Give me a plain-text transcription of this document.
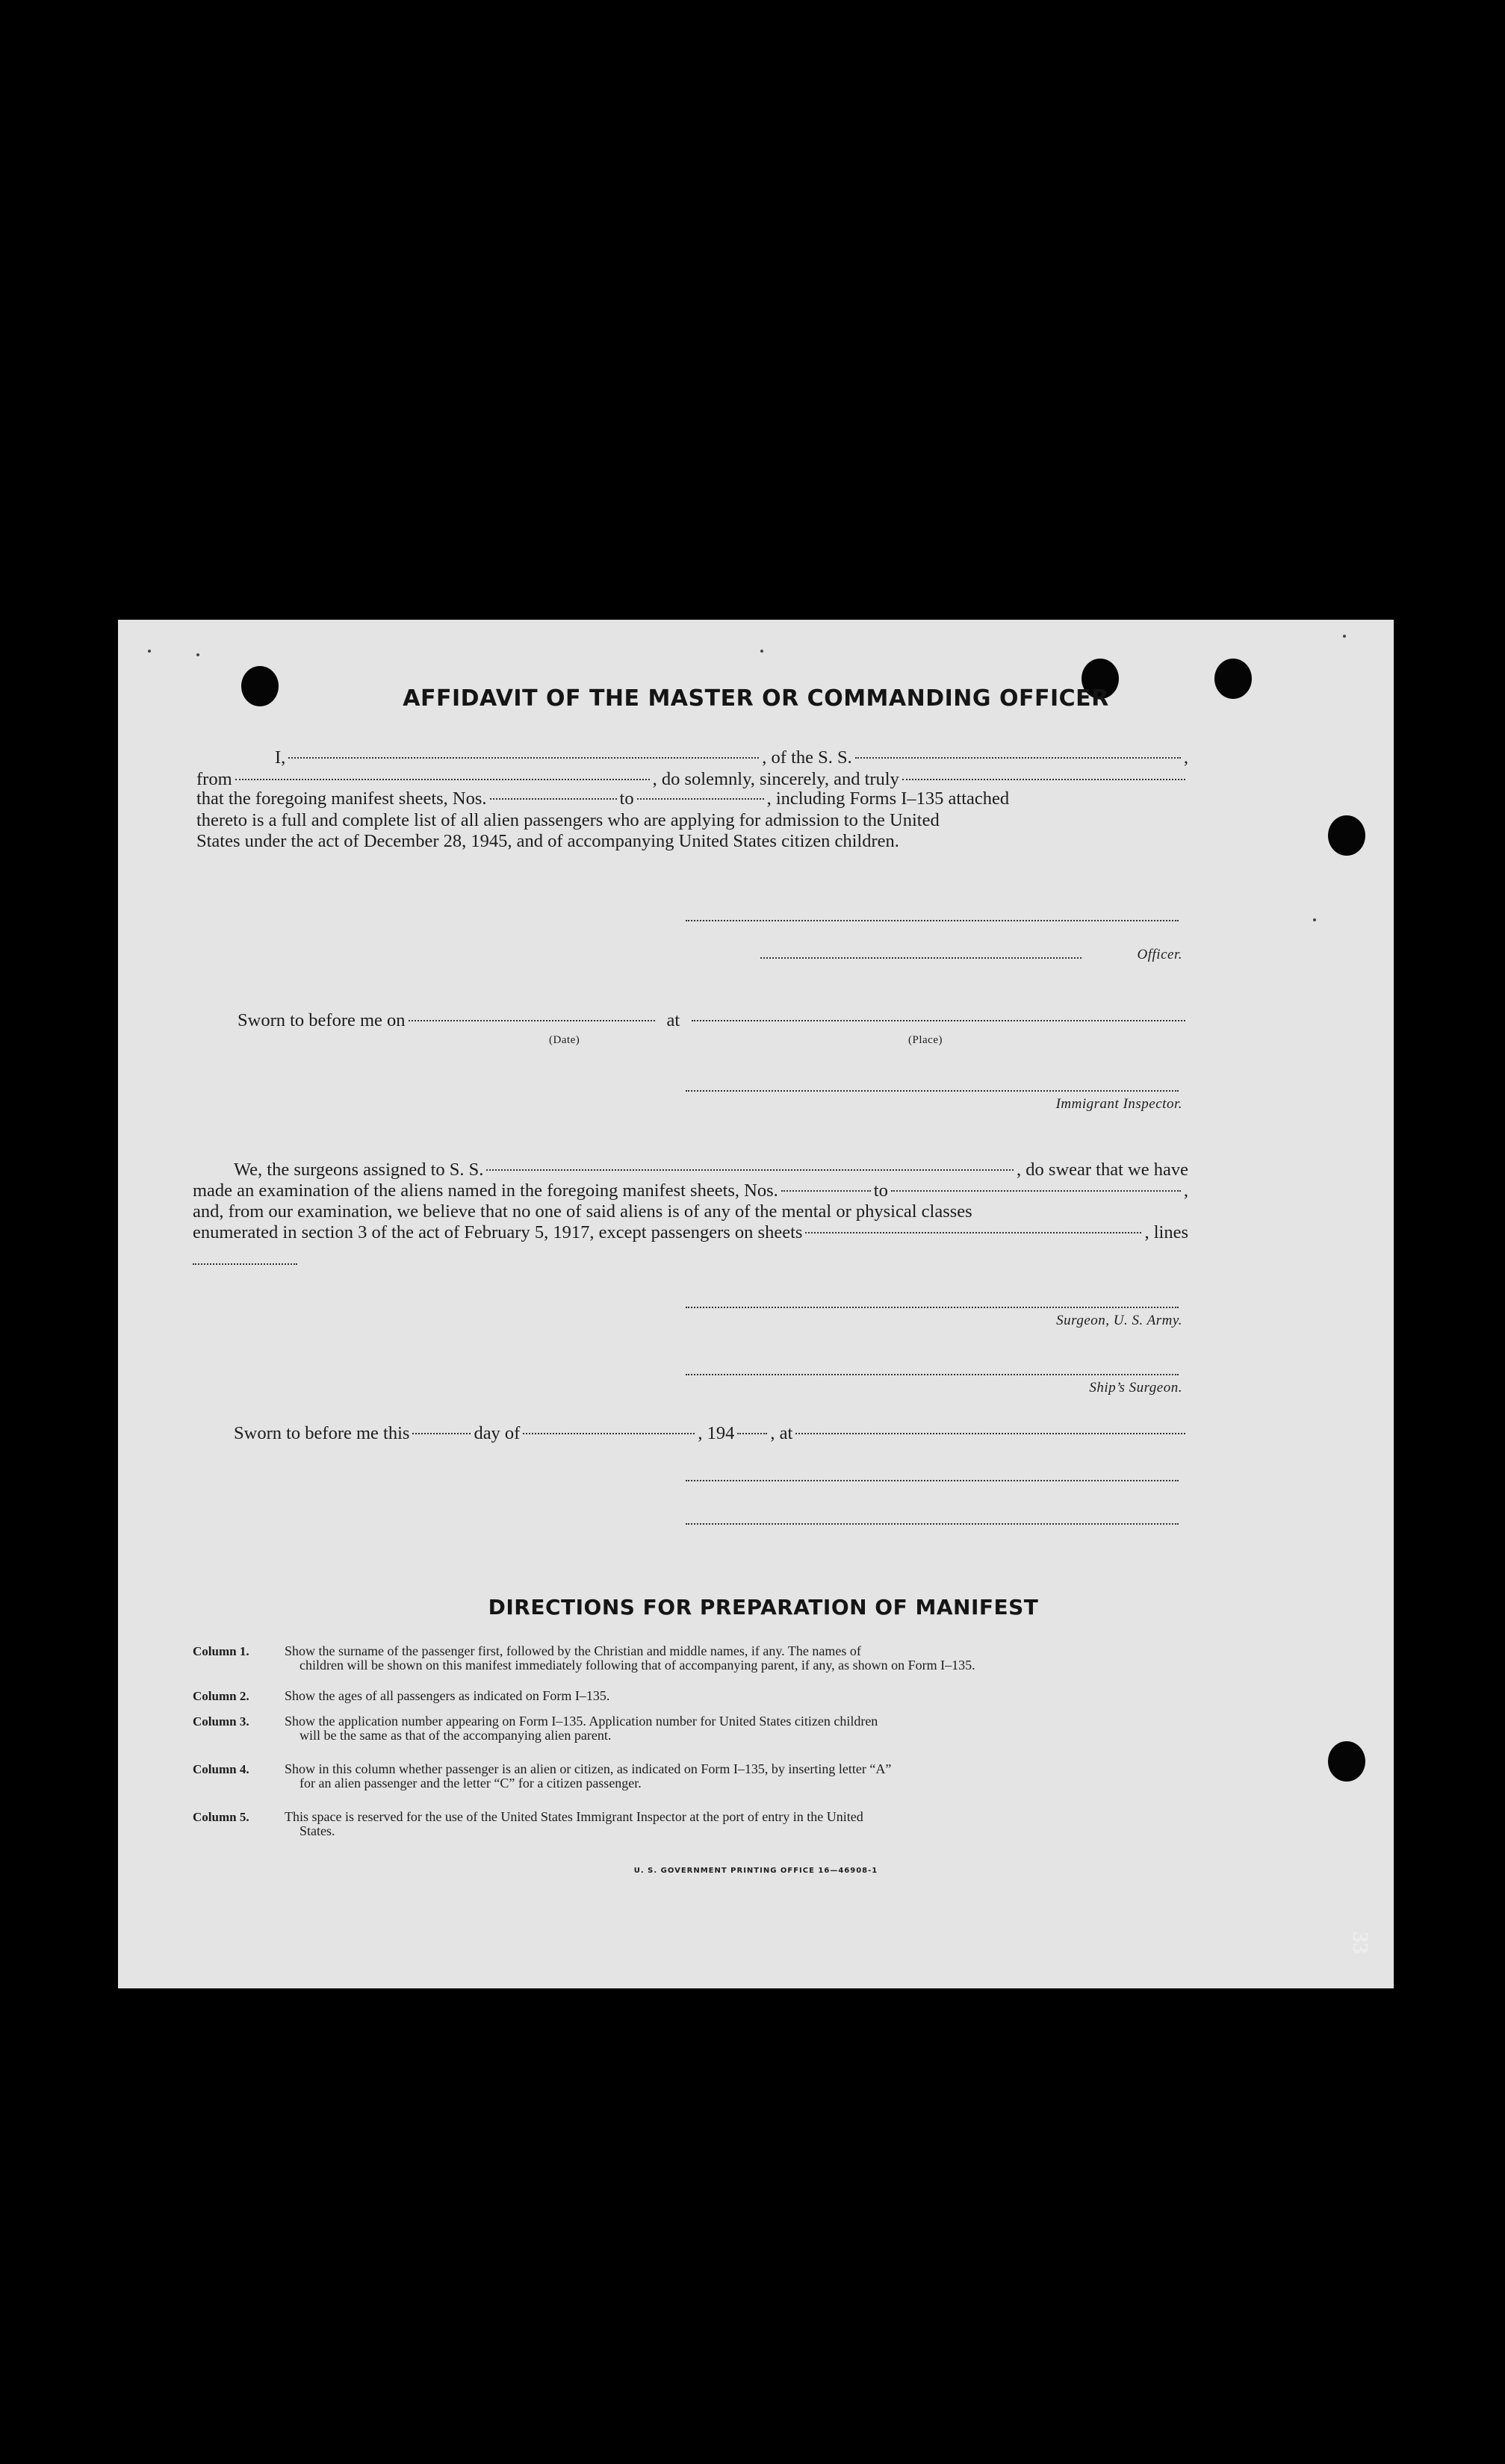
AFFIDAVIT OF THE MASTER OR COMMANDING OFFICER
I,	, of the S. S.	,
from	, do solemnly, sincerely, and truly
that the foregoing manifest sheets, Nos.	to	, including Forms I–135 attached
thereto is a full and complete list of all alien passengers who are applying for admission to the United
States under the act of December 28, 1945, and of accompanying United States citizen children.
Officer.
Sworn to before me on	at
(Date)	(Place)
Immigrant Inspector.
We, the surgeons assigned to S. S.	, do swear that we have
made an examination of the aliens named in the foregoing manifest sheets, Nos.	to	,
and, from our examination, we believe that no one of said aliens is of any of the mental or physical classes
enumerated in section 3 of the act of February 5, 1917, except passengers on sheets	, lines
Surgeon, U. S. Army.
Ship’s Surgeon.
Sworn to before me this	day of	, 194 , at
DIRECTIONS FOR PREPARATION OF MANIFEST
Column 1.	Show the surname of the passenger first, followed by the Christian and middle names, if any. The names of
children will be shown on this manifest immediately following that of accompanying parent, if any, as shown on Form I–135.
Column 2.	Show the ages of all passengers as indicated on Form I–135.
Column 3.	Show the application number appearing on Form I–135. Application number for United States citizen children
will be the same as that of the accompanying alien parent.
Column 4.	Show in this column whether passenger is an alien or citizen, as indicated on Form I–135, by inserting letter “A”
for an alien passenger and the letter “C” for a citizen passenger.
Column 5.	This space is reserved for the use of the United States Immigrant Inspector at the port of entry in the United
States.
U. S. GOVERNMENT PRINTING OFFICE 16—46908-1
33
